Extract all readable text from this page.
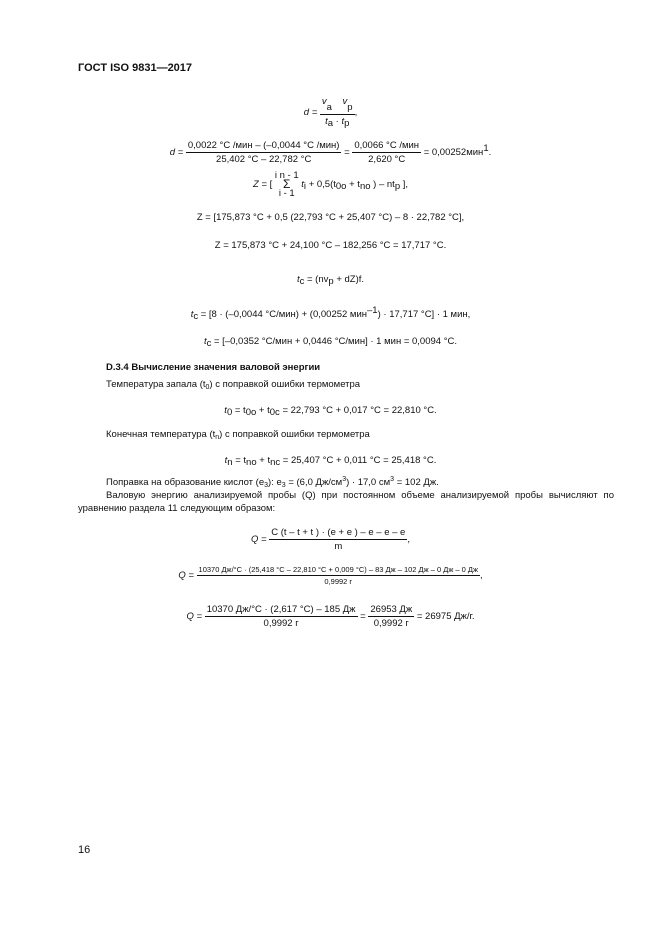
ГОСТ ISO 9831—2017
$d = \frac{\text{va    vp}}{ta \cdot tp}$ ,
$d = \frac{\text{0,0022 °C /мин – (–0,0044 °C /мин)}}{25,402 ^\circ C - 22,782 ^\circ C} = \frac{\text{0,0066 °C /мин}}{2,620 ^\circ C} = 0,00252мин1$.
Z = [ i n - 1
Σ
i - 1 ti + 0,5(t0o + tno ) – ntp ],
Z = [175,873 °C + 0,5 (22,793 °C + 25,407 °C) – 8 · 22,782 °C],
Z = 175,873 °C + 24,100 °C – 182,256 °C = 17,717 °C.
tc = (nvp + dZ)f.
tc = [8 · (–0,0044 °C/мин) + (0,00252 мин–1) · 17,717 °C] · 1 мин,
tc = [–0,0352 °C/мин + 0,0446 °C/мин] · 1 мин = 0,0094 °C.
D.3.4 Вычисление значения валовой энергии
Температура запала $(t_0)$ с поправкой ошибки термометра
t0 = t0o + t0c = 22,793 °C + 0,017 °C = 22,810 °C.
Конечная температура $(t_n)$ с поправкой ошибки термометра
tn = tno + tnc = 25,407 °C + 0,011 °C = 25,418 °C.
Поправка на образование кислот $(e_3)$: $e_3 = (6,0$ $Дж/см^3) \cdot 17,0$ $см^3 = 102$ Дж.
Валовую энергию анализируемой пробы (Q) при постоянном объеме анализируемой пробы вычисляют по уравнению раздела 11 следующим образом:
$Q = \frac{C (t - t + t ) \cdot (e + e ) - e - e - e}{m}$ ,
Q =
10370 Дж/°C · (25,418 °C – 22,810 °C + 0,009 °C) – 83 Дж – 102 Дж – 0 Дж – 0 Дж
0,9992 г
,
$Q = \frac{10370 Дж/^\circ C \cdot (2,617 ^\circ C) - 185 Дж}{0,9992 г} = \frac{26953 Дж}{0,9992 г} = 26975$ Дж/г.
16
